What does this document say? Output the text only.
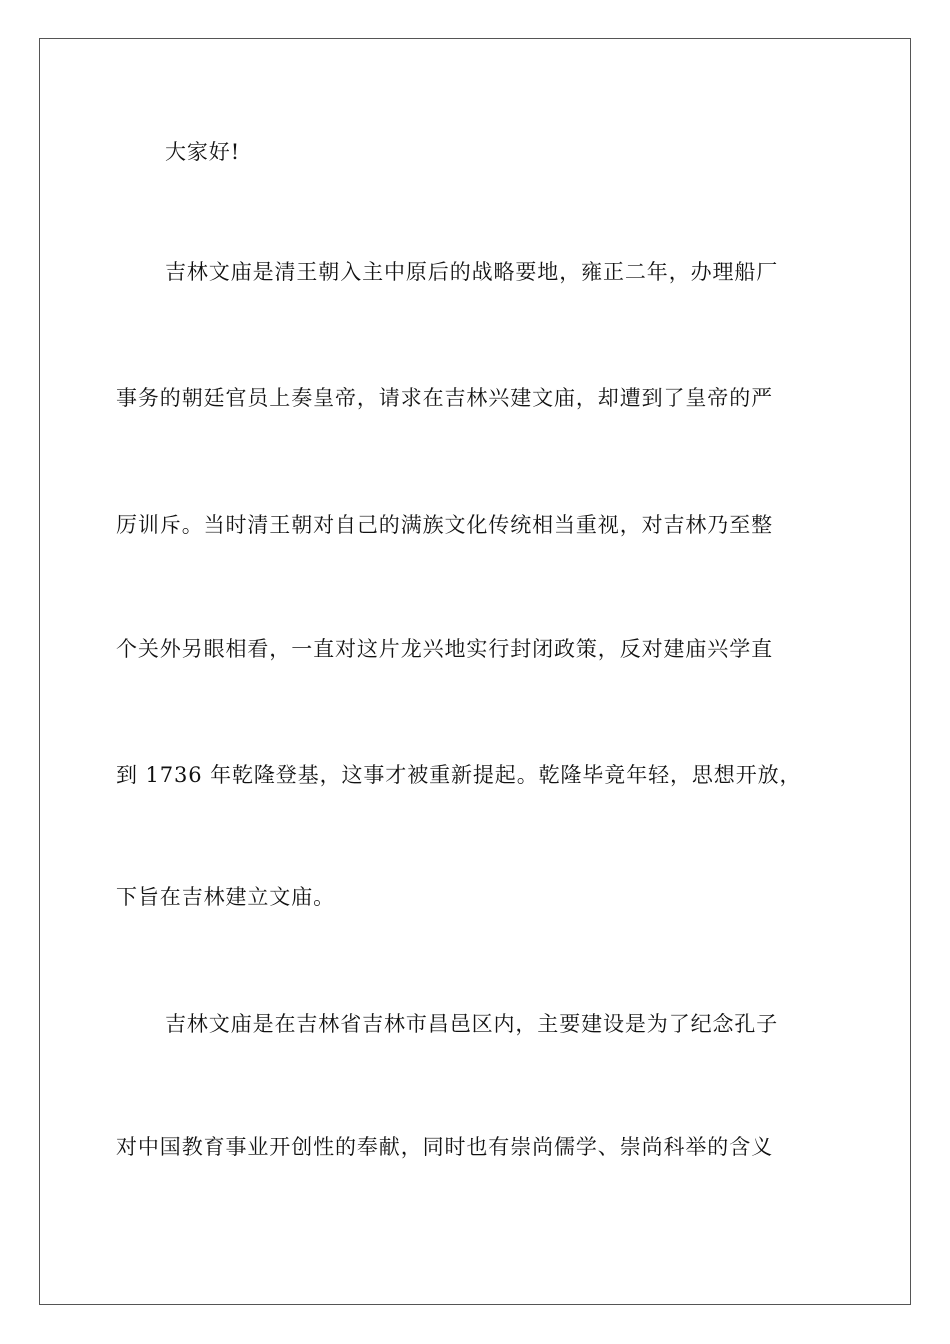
大家好!
吉林文庙是清王朝入主中原后的战略要地，雍正二年，办理船厂
事务的朝廷官员上奏皇帝，请求在吉林兴建文庙，却遭到了皇帝的严
厉训斥。当时清王朝对自己的满族文化传统相当重视，对吉林乃至整
个关外另眼相看，一直对这片龙兴地实行封闭政策，反对建庙兴学直
到 1736 年乾隆登基，这事才被重新提起。乾隆毕竟年轻，思想开放，
下旨在吉林建立文庙。
吉林文庙是在吉林省吉林市昌邑区内，主要建设是为了纪念孔子
对中国教育事业开创性的奉献，同时也有崇尚儒学、崇尚科举的含义
